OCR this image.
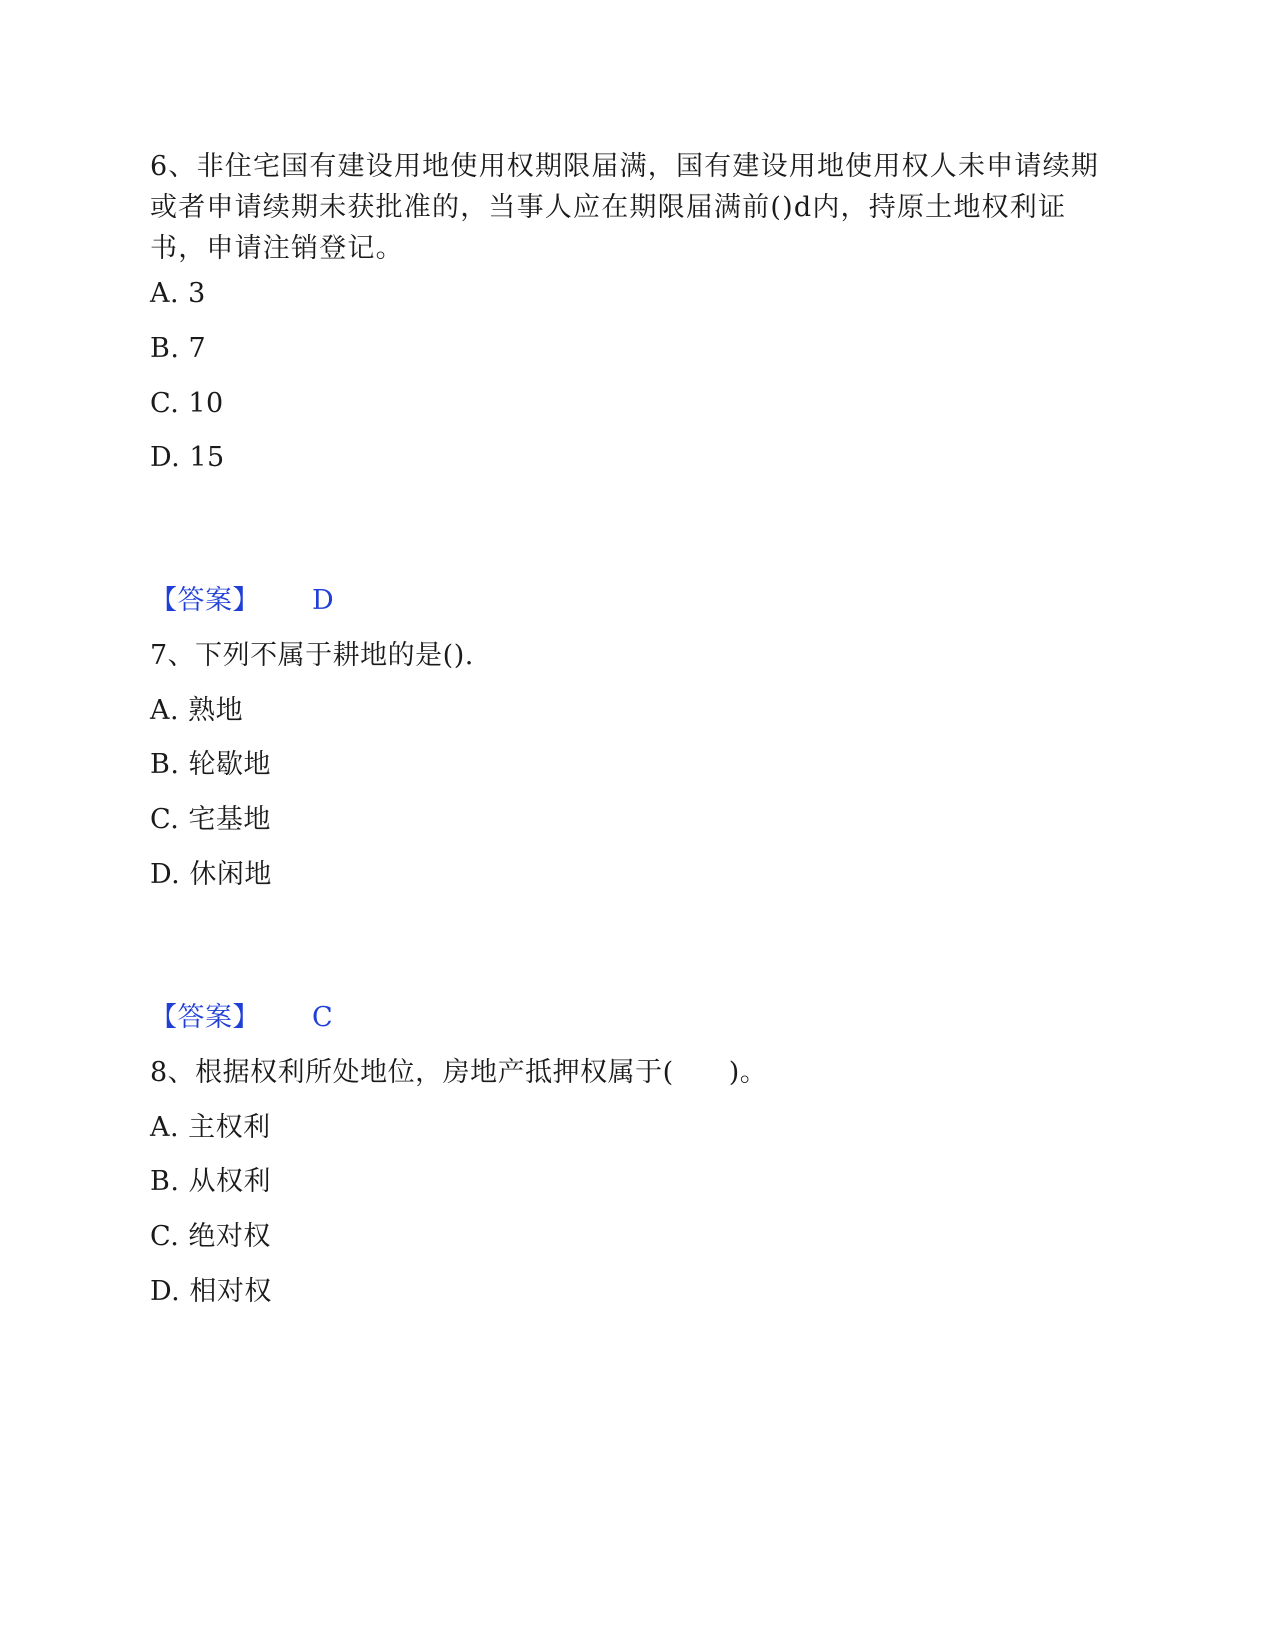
6、非住宅国有建设用地使用权期限届满，国有建设用地使用权人未申请续期或者申请续期未获批准的，当事人应在期限届满前()d内，持原土地权利证书，申请注销登记。
A. 3
B. 7
C. 10
D. 15
【答案】 D
7、下列不属于耕地的是().
A. 熟地
B. 轮歇地
C. 宅基地
D. 休闲地
【答案】 C
8、根据权利所处地位，房地产抵押权属于(　　)。
A. 主权利
B. 从权利
C. 绝对权
D. 相对权
